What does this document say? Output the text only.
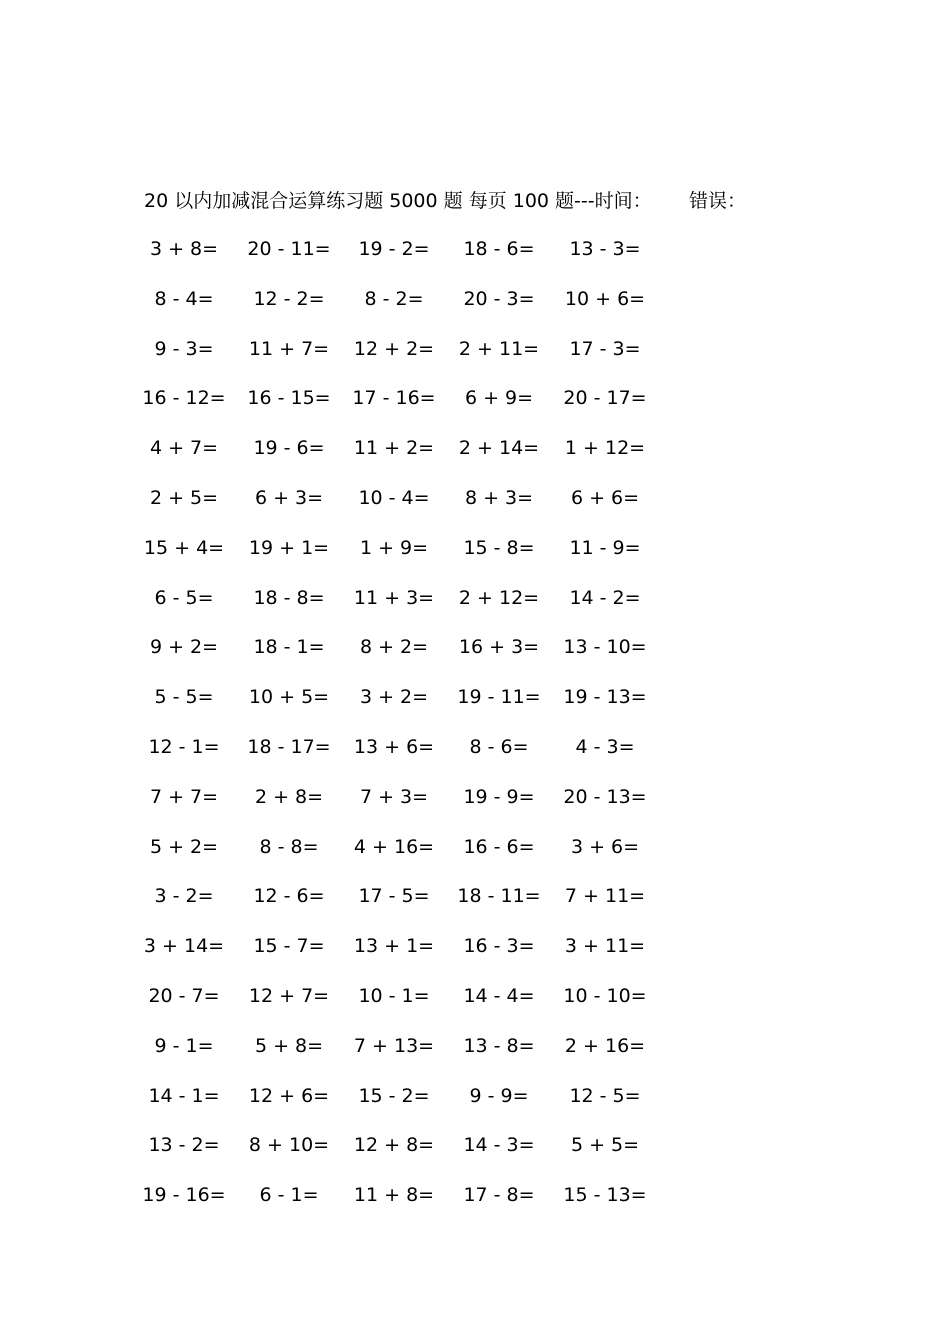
20 以内加减混合运算练习题 5000 题 每页 100 题---时间： 错误：
3 + 8=	20 - 11=	19 - 2=	18 - 6=	13 - 3=
8 - 4=	12 - 2=	8 - 2=	20 - 3=	10 + 6=
9 - 3=	11 + 7=	12 + 2=	2 + 11=	17 - 3=
16 - 12=	16 - 15=	17 - 16=	6 + 9=	20 - 17=
4 + 7=	19 - 6=	11 + 2=	2 + 14=	1 + 12=
2 + 5=	6 + 3=	10 - 4=	8 + 3=	6 + 6=
15 + 4=	19 + 1=	1 + 9=	15 - 8=	11 - 9=
6 - 5=	18 - 8=	11 + 3=	2 + 12=	14 - 2=
9 + 2=	18 - 1=	8 + 2=	16 + 3=	13 - 10=
5 - 5=	10 + 5=	3 + 2=	19 - 11=	19 - 13=
12 - 1=	18 - 17=	13 + 6=	8 - 6=	4 - 3=
7 + 7=	2 + 8=	7 + 3=	19 - 9=	20 - 13=
5 + 2=	8 - 8=	4 + 16=	16 - 6=	3 + 6=
3 - 2=	12 - 6=	17 - 5=	18 - 11=	7 + 11=
3 + 14=	15 - 7=	13 + 1=	16 - 3=	3 + 11=
20 - 7=	12 + 7=	10 - 1=	14 - 4=	10 - 10=
9 - 1=	5 + 8=	7 + 13=	13 - 8=	2 + 16=
14 - 1=	12 + 6=	15 - 2=	9 - 9=	12 - 5=
13 - 2=	8 + 10=	12 + 8=	14 - 3=	5 + 5=
19 - 16=	6 - 1=	11 + 8=	17 - 8=	15 - 13=
